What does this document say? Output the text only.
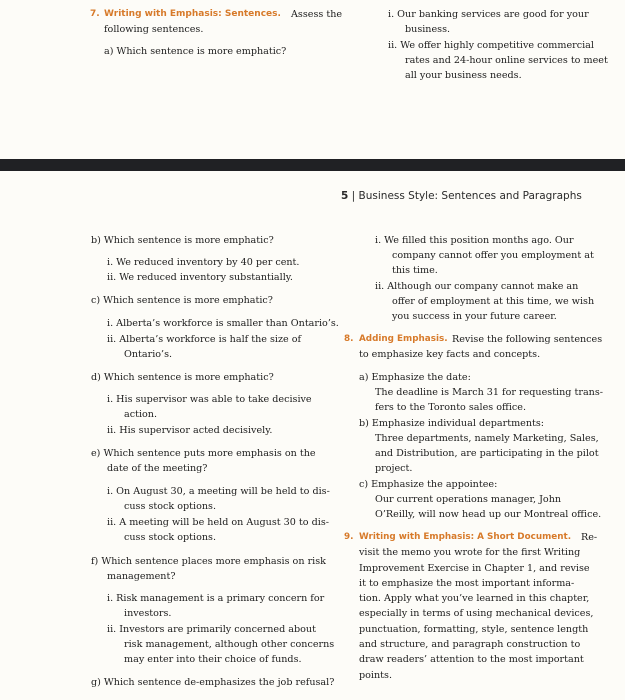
7. Writing with Emphasis: Sentences. Assess the
following sentences.
a) Which sentence is more emphatic?
i. Our banking services are good for your
business.
ii. We offer highly competitive commercial
rates and 24-hour online services to meet
all your business needs.
5 | Business Style: Sentences and Paragraphs
b) Which sentence is more emphatic?
i. We reduced inventory by 40 per cent.
ii. We reduced inventory substantially.
c) Which sentence is more emphatic?
i. Alberta’s workforce is smaller than Ontario’s.
ii. Alberta’s workforce is half the size of
Ontario’s.
d) Which sentence is more emphatic?
i. His supervisor was able to take decisive
action.
ii. His supervisor acted decisively.
e) Which sentence puts more emphasis on the
date of the meeting?
i. On August 30, a meeting will be held to dis-
cuss stock options.
ii. A meeting will be held on August 30 to dis-
cuss stock options.
f) Which sentence places more emphasis on risk
management?
i. Risk management is a primary concern for
investors.
ii. Investors are primarily concerned about
risk management, although other concerns
may enter into their choice of funds.
g) Which sentence de-emphasizes the job refusal?
i. We filled this position months ago. Our
company cannot offer you employment at
this time.
ii. Although our company cannot make an
offer of employment at this time, we wish
you success in your future career.
8. Adding Emphasis. Revise the following sentences
to emphasize key facts and concepts.
a) Emphasize the date:
The deadline is March 31 for requesting trans-
fers to the Toronto sales office.
b) Emphasize individual departments:
Three departments, namely Marketing, Sales,
and Distribution, are participating in the pilot
project.
c) Emphasize the appointee:
Our current operations manager, John
O’Reilly, will now head up our Montreal office.
9. Writing with Emphasis: A Short Document. Re-
visit the memo you wrote for the first Writing
Improvement Exercise in Chapter 1, and revise
it to emphasize the most important informa-
tion. Apply what you’ve learned in this chapter,
especially in terms of using mechanical devices,
punctuation, formatting, style, sentence length
and structure, and paragraph construction to
draw readers’ attention to the most important
points.
